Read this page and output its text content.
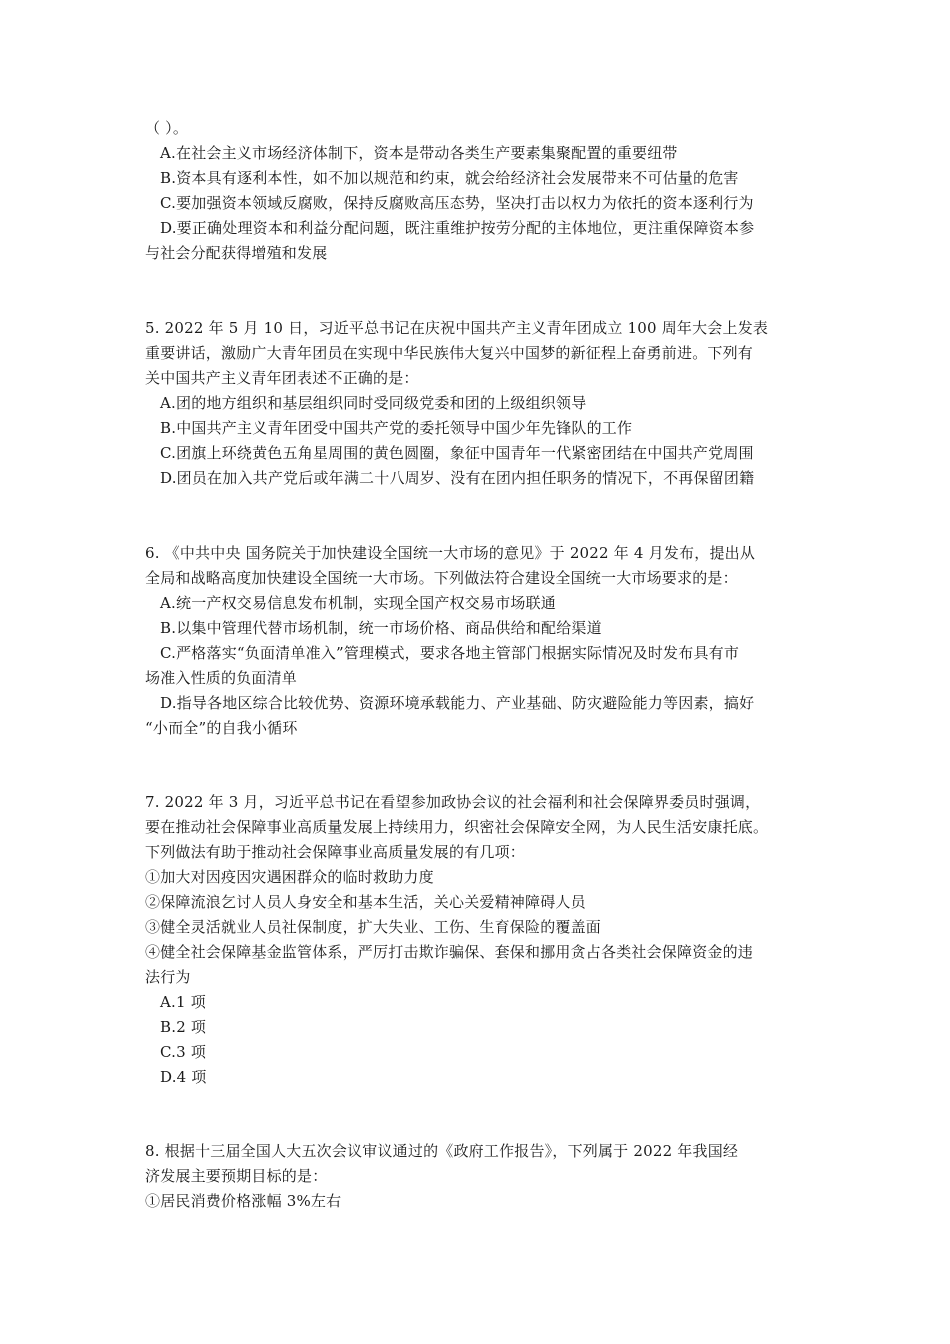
（ ）。
A.在社会主义市场经济体制下，资本是带动各类生产要素集聚配置的重要纽带
B.资本具有逐利本性，如不加以规范和约束，就会给经济社会发展带来不可估量的危害
C.要加强资本领域反腐败，保持反腐败高压态势，坚决打击以权力为依托的资本逐利行为
D.要正确处理资本和利益分配问题，既注重维护按劳分配的主体地位，更注重保障资本参
与社会分配获得增殖和发展
5. 2022 年 5 月 10 日，习近平总书记在庆祝中国共产主义青年团成立 100 周年大会上发表
重要讲话，激励广大青年团员在实现中华民族伟大复兴中国梦的新征程上奋勇前进。下列有
关中国共产主义青年团表述不正确的是：
A.团的地方组织和基层组织同时受同级党委和团的上级组织领导
B.中国共产主义青年团受中国共产党的委托领导中国少年先锋队的工作
C.团旗上环绕黄色五角星周围的黄色圆圈，象征中国青年一代紧密团结在中国共产党周围
D.团员在加入共产党后或年满二十八周岁、没有在团内担任职务的情况下，不再保留团籍
6. 《中共中央 国务院关于加快建设全国统一大市场的意见》于 2022 年 4 月发布，提出从
全局和战略高度加快建设全国统一大市场。下列做法符合建设全国统一大市场要求的是：
A.统一产权交易信息发布机制，实现全国产权交易市场联通
B.以集中管理代替市场机制，统一市场价格、商品供给和配给渠道
C.严格落实“负面清单准入”管理模式，要求各地主管部门根据实际情况及时发布具有市
场准入性质的负面清单
D.指导各地区综合比较优势、资源环境承载能力、产业基础、防灾避险能力等因素，搞好
“小而全”的自我小循环
7. 2022 年 3 月，习近平总书记在看望参加政协会议的社会福利和社会保障界委员时强调，
要在推动社会保障事业高质量发展上持续用力，织密社会保障安全网，为人民生活安康托底。
下列做法有助于推动社会保障事业高质量发展的有几项：
①加大对因疫因灾遇困群众的临时救助力度
②保障流浪乞讨人员人身安全和基本生活，关心关爱精神障碍人员
③健全灵活就业人员社保制度，扩大失业、工伤、生育保险的覆盖面
④健全社会保障基金监管体系，严厉打击欺诈骗保、套保和挪用贪占各类社会保障资金的违
法行为
A.1 项
B.2 项
C.3 项
D.4 项
8. 根据十三届全国人大五次会议审议通过的《政府工作报告》，下列属于 2022 年我国经
济发展主要预期目标的是：
①居民消费价格涨幅 3%左右
